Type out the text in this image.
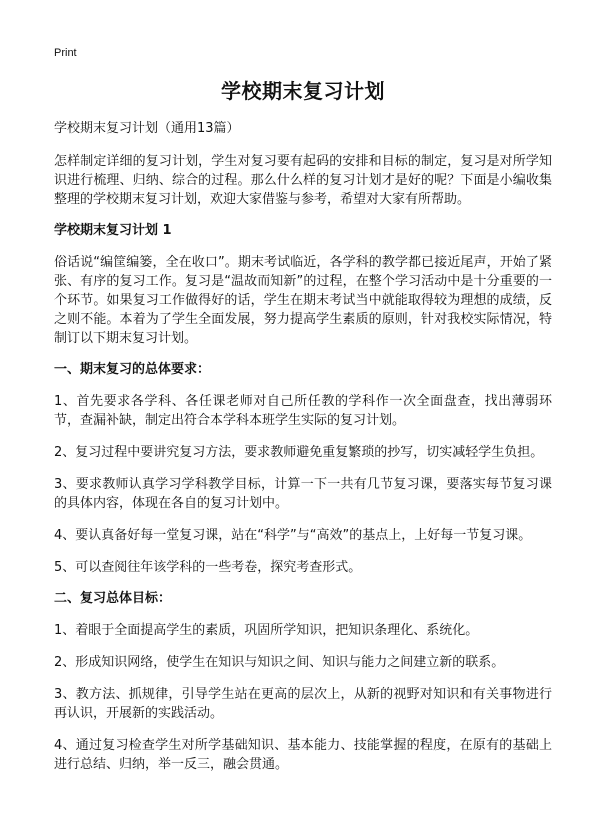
Print
学校期末复习计划
学校期末复习计划（通用13篇）
怎样制定详细的复习计划，学生对复习要有起码的安排和目标的制定，复习是对所学知识进行梳理、归纳、综合的过程。那么什么样的复习计划才是好的呢？下面是小编收集整理的学校期末复习计划，欢迎大家借鉴与参考，希望对大家有所帮助。
学校期末复习计划 1
俗话说“编筐编篓，全在收口”。期末考试临近，各学科的教学都已接近尾声，开始了紧张、有序的复习工作。复习是“温故而知新”的过程，在整个学习活动中是十分重要的一个环节。如果复习工作做得好的话，学生在期末考试当中就能取得较为理想的成绩，反之则不能。本着为了学生全面发展，努力提高学生素质的原则，针对我校实际情况，特制订以下期末复习计划。
一、期末复习的总体要求：
1、首先要求各学科、各任课老师对自己所任教的学科作一次全面盘查，找出薄弱环节，查漏补缺，制定出符合本学科本班学生实际的复习计划。
2、复习过程中要讲究复习方法，要求教师避免重复繁琐的抄写，切实减轻学生负担。
3、要求教师认真学习学科教学目标，计算一下一共有几节复习课，要落实每节复习课的具体内容，体现在各自的复习计划中。
4、要认真备好每一堂复习课，站在“科学”与“高效”的基点上，上好每一节复习课。
5、可以查阅往年该学科的一些考卷，探究考查形式。
二、复习总体目标：
1、着眼于全面提高学生的素质，巩固所学知识，把知识条理化、系统化。
2、形成知识网络，使学生在知识与知识之间、知识与能力之间建立新的联系。
3、教方法、抓规律，引导学生站在更高的层次上，从新的视野对知识和有关事物进行再认识，开展新的实践活动。
4、通过复习检查学生对所学基础知识、基本能力、技能掌握的程度，在原有的基础上进行总结、归纳，举一反三，融会贯通。
